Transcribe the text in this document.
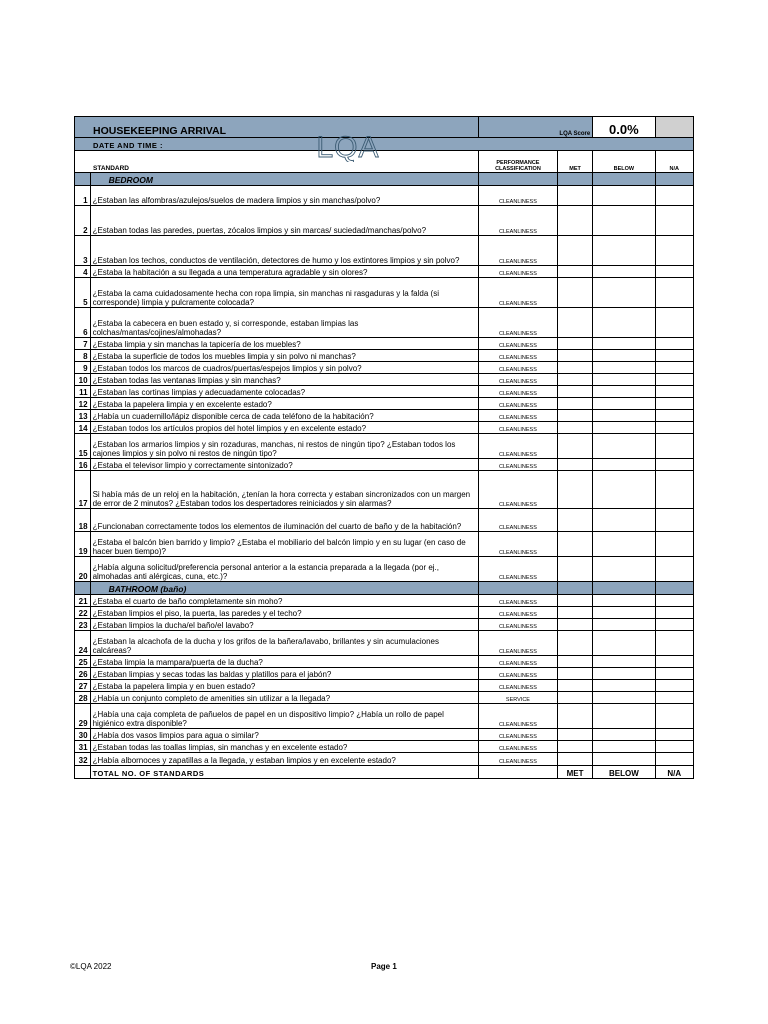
HOUSEKEEPING ARRIVAL		LQA Score		0.0%	
DATE AND TIME :					
STANDARD		PERFORMANCE CLASSIFICATION	MET	BELOW	N/A
	BEDROOM				
1	¿Estaban las alfombras/azulejos/suelos de madera limpios y sin manchas/polvo?	CLEANLINESS			
2	¿Estaban todas las paredes, puertas, zócalos limpios y sin marcas/ suciedad/manchas/polvo?	CLEANLINESS			
3	¿Estaban los techos, conductos de ventilación, detectores de humo y los extintores limpios y sin polvo?	CLEANLINESS			
4	¿Estaba la habitación a su llegada a una temperatura agradable y sin olores?	CLEANLINESS			
5	¿Estaba la cama cuidadosamente hecha con ropa limpia, sin manchas ni rasgaduras y la falda (si corresponde) limpia y pulcramente colocada?	CLEANLINESS			
6	¿Estaba la cabecera en buen estado y, si corresponde, estaban limpias las colchas/mantas/cojines/almohadas?	CLEANLINESS			
7	¿Estaba limpia y sin manchas la tapicería de los muebles?	CLEANLINESS			
8	¿Estaba la superficie de todos los muebles limpia y sin polvo ni manchas?	CLEANLINESS			
9	¿Estaban todos los marcos de cuadros/puertas/espejos limpios y sin polvo?	CLEANLINESS			
10	¿Estaban todas las ventanas limpias y sin manchas?	CLEANLINESS			
11	¿Estaban las cortinas limpias y adecuadamente colocadas?	CLEANLINESS			
12	¿Estaba la papelera limpia y en excelente estado?	CLEANLINESS			
13	¿Había un cuadernillo/lápiz disponible cerca de cada teléfono de la habitación?	CLEANLINESS			
14	¿Estaban todos los artículos propios del hotel limpios y en excelente estado?	CLEANLINESS			
15	¿Estaban los armarios limpios y sin rozaduras, manchas, ni restos de ningún tipo? ¿Estaban todos los cajones limpios y sin polvo ni restos de ningún tipo?	CLEANLINESS			
16	¿Estaba el televisor limpio y correctamente sintonizado?	CLEANLINESS			
17	Si había más de un reloj en la habitación, ¿tenían la hora correcta y estaban sincronizados con un margen de error de 2 minutos? ¿Estaban todos los despertadores reiniciados y sin alarmas?	CLEANLINESS			
18	¿Funcionaban correctamente todos los elementos de iluminación del cuarto de baño y de la habitación?	CLEANLINESS			
19	¿Estaba el balcón bien barrido y limpio? ¿Estaba el mobiliario del balcón limpio y en su lugar (en caso de hacer buen tiempo)?	CLEANLINESS			
20	¿Había alguna solicitud/preferencia personal anterior a la estancia preparada a la llegada (por ej., almohadas anti alérgicas, cuna, etc.)?	CLEANLINESS			
	BATHROOM (baño)				
21	¿Estaba el cuarto de baño completamente sin moho?	CLEANLINESS			
22	¿Estaban limpios el piso, la puerta, las paredes y el techo?	CLEANLINESS			
23	¿Estaban limpios la ducha/el baño/el lavabo?	CLEANLINESS			
24	¿Estaban la alcachofa de la ducha y los grifos de la bañera/lavabo, brillantes y sin acumulaciones calcáreas?	CLEANLINESS			
25	¿Estaba limpia la mampara/puerta de la ducha?	CLEANLINESS			
26	¿Estaban limpias y secas todas las baldas y platillos para el jabón?	CLEANLINESS			
27	¿Estaba la papelera limpia y en buen estado?	CLEANLINESS			
28	¿Había un conjunto completo de amenities sin utilizar a la llegada?	SERVICE			
29	¿Había una caja completa de pañuelos de papel en un dispositivo limpio? ¿Había un rollo de papel higiénico extra disponible?	CLEANLINESS			
30	¿Había dos vasos limpios para agua o similar?	CLEANLINESS			
31	¿Estaban todas las toallas limpias, sin manchas y en excelente estado?	CLEANLINESS			
32	¿Había albornoces y zapatillas a la llegada, y estaban limpios y en excelente estado?	CLEANLINESS			
	TOTAL NO. OF STANDARDS		MET	BELOW	N/A
LQA
©LQA 2022	Page 1
